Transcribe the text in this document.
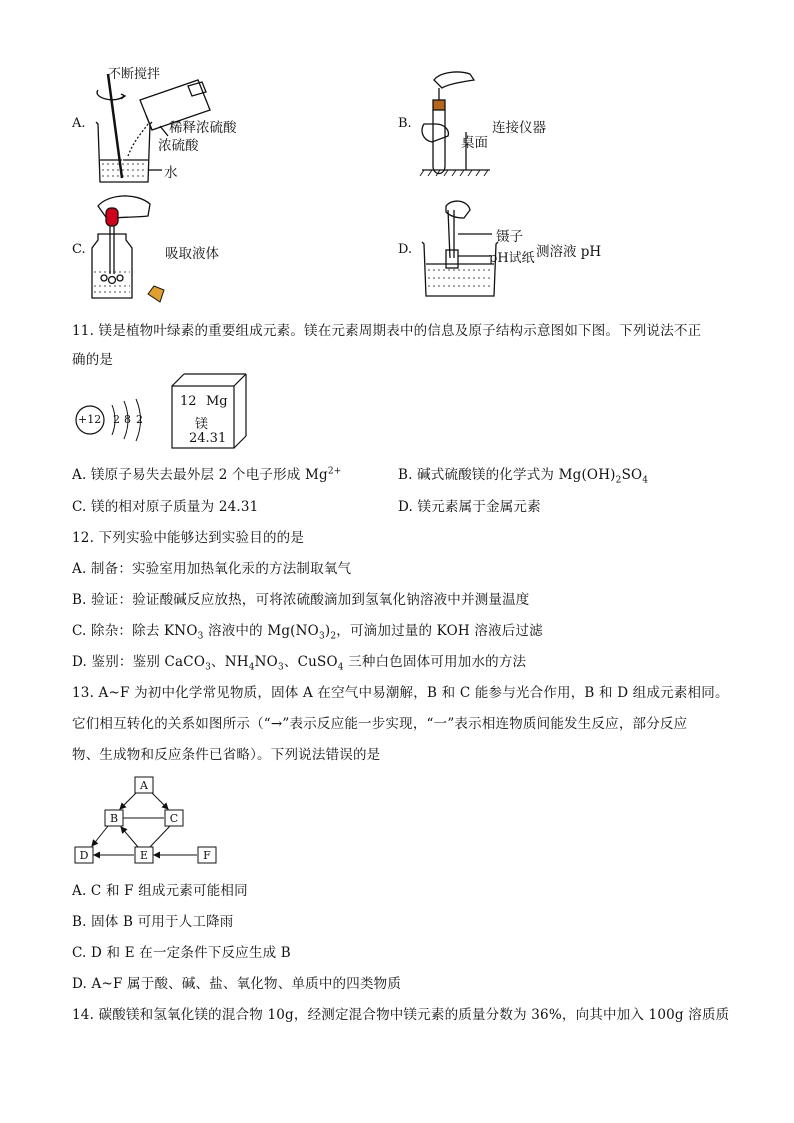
A.
不断搅拌
稀释浓硫酸
浓硫酸
水
B.	连接仪器
桌面
C.	吸取液体	D.
镊子
pH试纸 测溶液 pH
11. 镁是植物叶绿素的重要组成元素。镁在元素周期表中的信息及原子结构示意图如下图。下列说法不正
确的是
+12 2 8 2
12 Mg
镁
24.31
A. 镁原子易失去最外层 2 个电子形成 $Mg^{2+}$	B. 碱式硫酸镁的化学式为 $Mg(OH)_2SO_4$
C. 镁的相对原子质量为 24.31	D. 镁元素属于金属元素
12. 下列实验中能够达到实验目的的是
A. 制备：实验室用加热氧化汞的方法制取氧气
B. 验证：验证酸碱反应放热，可将浓硫酸滴加到氢氧化钠溶液中并测量温度
C. 除杂：除去 $KNO_3$ 溶液中的 $Mg(NO_3)_2$，可滴加过量的 KOH 溶液后过滤
D. 鉴别：鉴别 CaCO$_3$、$NH_4NO_3$、CuSO$_4$ 三种白色固体可用加水的方法
13. A~F 为初中化学常见物质，固体 A 在空气中易潮解，B 和 C 能参与光合作用，B 和 D 组成元素相同。
它们相互转化的关系如图所示（“→”表示反应能一步实现，“一”表示相连物质间能发生反应，部分反应
物、生成物和反应条件已省略）。下列说法错误的是
A
B	C
D	E	F
A. C 和 F 组成元素可能相同
B. 固体 B 可用于人工降雨
C. D 和 E 在一定条件下反应生成 B
D. A~F 属于酸、碱、盐、氧化物、单质中的四类物质
14. 碳酸镁和氢氧化镁的混合物 10g，经测定混合物中镁元素的质量分数为 36%，向其中加入 100g 溶质质
